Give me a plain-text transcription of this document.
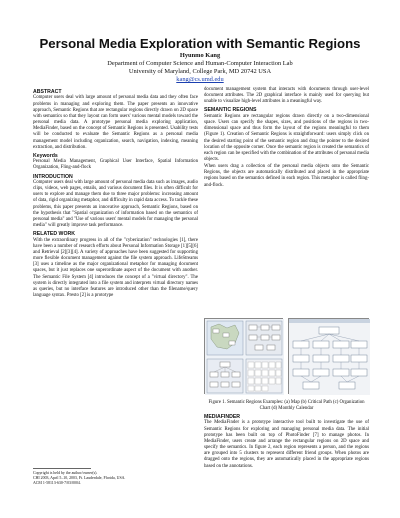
Personal Media Exploration with Semantic Regions
Hyunmo Kang
Department of Computer Science and Human-Computer Interaction Lab
University of Maryland, College Park, MD 20742 USA
kang@cs.umd.edu
ABSTRACT

Computer users deal with large amount of personal media data and they often face problems in managing and exploring them. The paper presents an innovative approach, Semantic Regions that are rectangular regions directly drawn on 2D space with semantics so that they layout can form users' various mental models toward the personal media data. A prototype personal media exploring application, MediaFinder, based on the concept of Semantic Regions is presented. Usability tests will be conducted to evaluate the Semantic Regions as a personal media management model including organization, search, navigation, indexing, meaning extraction, and distribution.

Keywords

Personal Media Management, Graphical User Interface, Spatial Information Organization, Fling-and-flock

INTRODUCTION

Computer users deal with large amount of personal media data such as images, audio clips, videos, web pages, emails, and various document files. It is often difficult for users to explore and manage them due to three major problems: increasing amount of data, rigid organizing metaphor, and difficulty in rapid data access. To tackle these problems, this paper presents an innovative approach, Semantic Regions, based on the hypothesis that "Spatial organization of information based on the semantics of personal media" and "Use of various users' mental models for managing the personal media" will greatly improve task performance.

RELATED WORK

With the extraordinary progress in all of the "cyberization" technologies [1], there have been a number of research efforts about Personal Information Storage [1][5][6] and Retrieval [2][3][4]. A variety of approaches have been suggested for supporting more flexible document management against the file system approach. LifeStreams [3] uses a timeline as the major organizational metaphor for managing document spaces, but it just replaces one superordinate aspect of the document with another. The Semantic File System [4] introduces the concept of a "virtual directory". The system is directly integrated into a file system and interprets virtual directory names as queries, but no interface features are introduced other than the filename/query language syntax. Presto [2] is a prototype

Copyright is held by the author/owner(s).
CHI 2003, April 5–10, 2003, Ft. Lauderdale, Florida, USA.
ACM 1-58113-630-7/03/0004.

document management system that interacts with documents through user-level document attributes. The 2D graphical interface is mainly used for querying but unable to visualize high-level attributes in a meaningful way.

SEMANTIC REGIONS

Semantic Regions are rectangular regions drawn directly on a two-dimensional space. Users can specify the shapes, sizes, and positions of the regions in two-dimensional space and thus form the layout of the regions meaningful to them (Figure 1). Creation of Semantic Regions is straightforward: users simply click on the desired starting point of the semantic region and drag the pointer to the desired location of the opposite corner. Once the semantic region is created the semantics of each region can be specified with the combination of the attributes of personal media objects.

When users drag a collection of the personal media objects onto the Semantic Regions, the objects are automatically distributed and placed in the appropriate regions based on the semantics defined in each region. This metaphor is called fling-and-flock.

Figure 1. Semantic Regions Examples: (a) Map (b) Critical Path (c) Organization Chart (d) Monthly Calendar
MEDIAFINDER

The MediaFinder is a prototype interactive tool built to investigate the use of Semantic Regions for exploring and managing personal media data. The initial prototype has been built on top of PhotoFinder [7] to manage photos. In MediaFinder, users create and arrange the rectangular regions on 2D space and specify the semantics. In figure 2, each region represents a person, and the regions are grouped into 5 clusters to represent different friend groups. When photos are dragged onto the regions, they are automatically placed in the appropriate regions based on the annotations.
